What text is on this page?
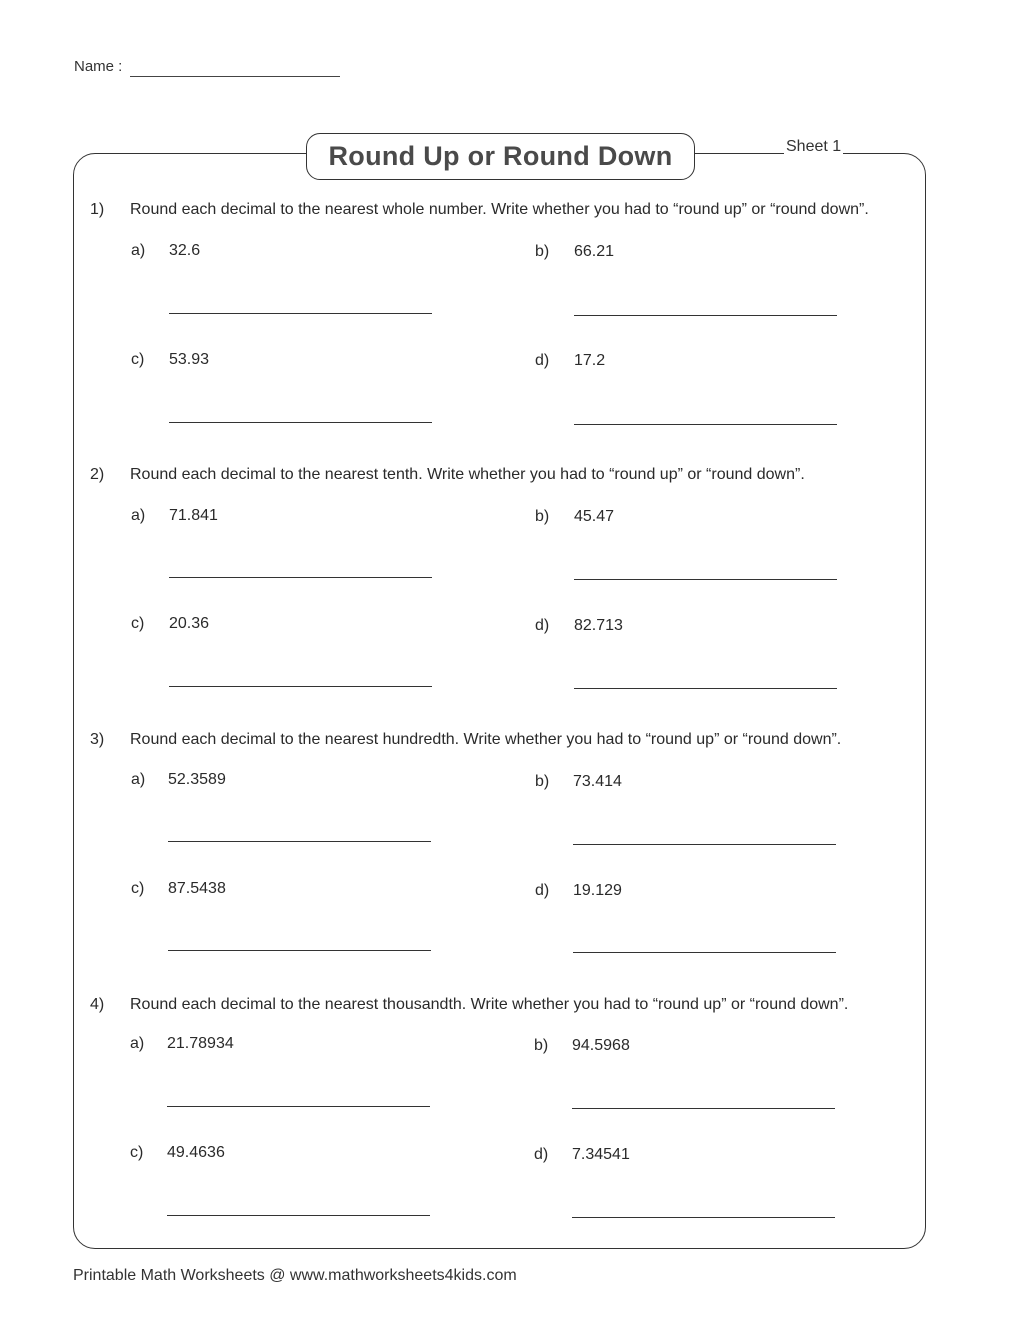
Name :
Round Up or Round Down	Sheet 1
1) Round each decimal to the nearest whole number. Write whether you had to “round up” or “round down”.
a) 32.6	b) 66.21
c) 53.93	d) 17.2
2) Round each decimal to the nearest tenth. Write whether you had to “round up” or “round down”.
a) 71.841	b) 45.47
c) 20.36	d) 82.713
3) Round each decimal to the nearest hundredth. Write whether you had to “round up” or “round down”.
a) 52.3589	b) 73.414
c) 87.5438	d) 19.129
4) Round each decimal to the nearest thousandth. Write whether you had to “round up” or “round down”.
a) 21.78934	b) 94.5968
c) 49.4636	d) 7.34541
Printable Math Worksheets @ www.mathworksheets4kids.com
